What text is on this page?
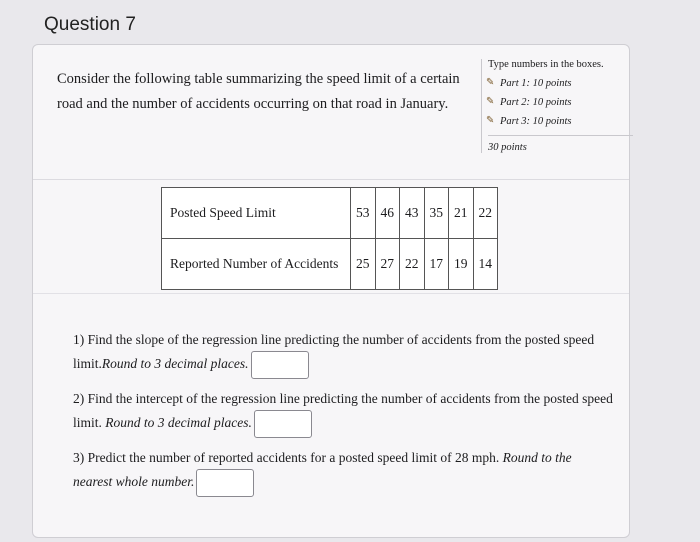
Question 7
Consider the following table summarizing the speed limit of a certain road and the number of accidents occurring on that road in January.
Type numbers in the boxes.
✎ Part 1: 10 points
✎ Part 2: 10 points
✎ Part 3: 10 points
30 points
Posted Speed Limit	53	46	43	35	21	22
Reported Number of Accidents	25	27	22	17	19	14
1) Find the slope of the regression line predicting the number of accidents from the posted speed limit.Round to 3 decimal places.
2) Find the intercept of the regression line predicting the number of accidents from the posted speed limit. Round to 3 decimal places.
3) Predict the number of reported accidents for a posted speed limit of 28 mph. Round to the nearest whole number.
